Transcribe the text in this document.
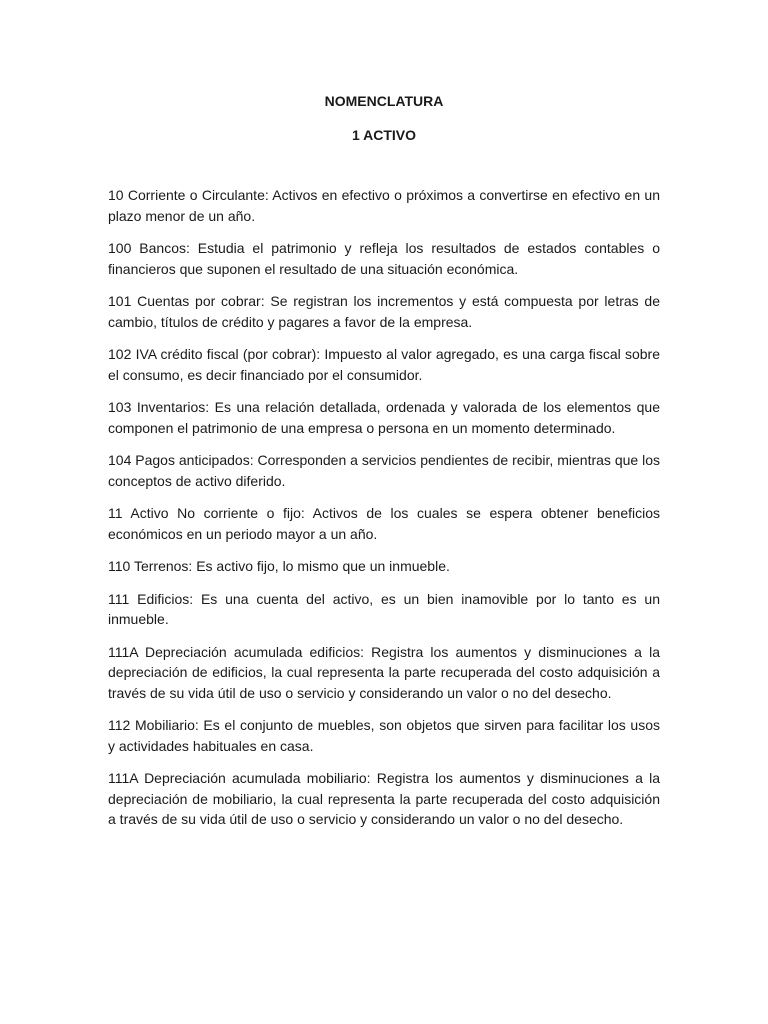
NOMENCLATURA
1 ACTIVO

10 Corriente o Circulante: Activos en efectivo o próximos a convertirse en efectivo en un plazo menor de un año.

100 Bancos: Estudia el patrimonio y refleja los resultados de estados contables o financieros que suponen el resultado de una situación económica.

101 Cuentas por cobrar: Se registran los incrementos y está compuesta por letras de cambio, títulos de crédito y pagares a favor de la empresa.

102 IVA crédito fiscal (por cobrar): Impuesto al valor agregado, es una carga fiscal sobre el consumo, es decir financiado por el consumidor.

103 Inventarios: Es una relación detallada, ordenada y valorada de los elementos que componen el patrimonio de una empresa o persona en un momento determinado.

104 Pagos anticipados: Corresponden a servicios pendientes de recibir, mientras que los conceptos de activo diferido.

11 Activo No corriente o fijo: Activos de los cuales se espera obtener beneficios económicos en un periodo mayor a un año.

110 Terrenos: Es activo fijo, lo mismo que un inmueble.

111 Edificios: Es una cuenta del activo, es un bien inamovible por lo tanto es un inmueble.

111A Depreciación acumulada edificios: Registra los aumentos y disminuciones a la depreciación de edificios, la cual representa la parte recuperada del costo adquisición a través de su vida útil de uso o servicio y considerando un valor o no del desecho.

112 Mobiliario: Es el conjunto de muebles, son objetos que sirven para facilitar los usos y actividades habituales en casa.

111A Depreciación acumulada mobiliario: Registra los aumentos y disminuciones a la depreciación de mobiliario, la cual representa la parte recuperada del costo adquisición a través de su vida útil de uso o servicio y considerando un valor o no del desecho.
